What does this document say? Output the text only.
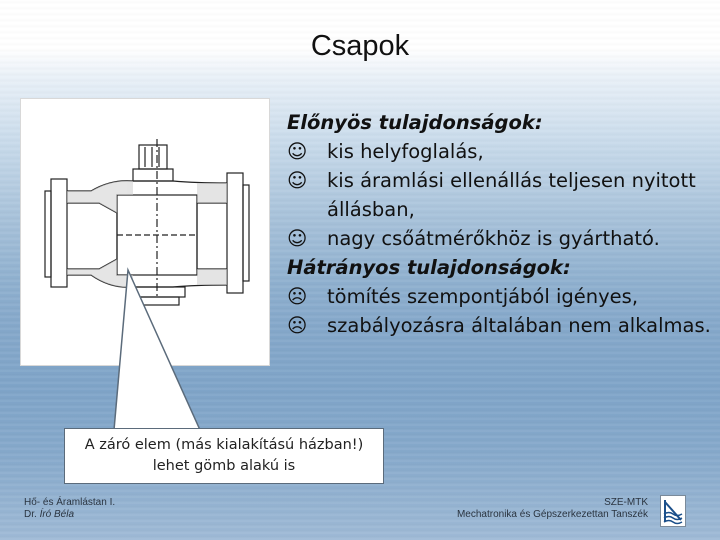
Csapok
Előnyös tulajdonságok:
☺	kis helyfoglalás,
☺	kis áramlási ellenállás teljesen nyitott állásban,
☺	nagy csőátmérőkhöz is gyártható.
Hátrányos tulajdonságok:
☹	tömítés szempontjából igényes,
☹	szabályozásra általában nem alkalmas.
A záró elem (más kialakítású házban!)
lehet gömb alakú is
Hő- és Áramlástan I.
Dr. Író Béla
SZE-MTK
Mechatronika és Gépszerkezettan Tanszék
